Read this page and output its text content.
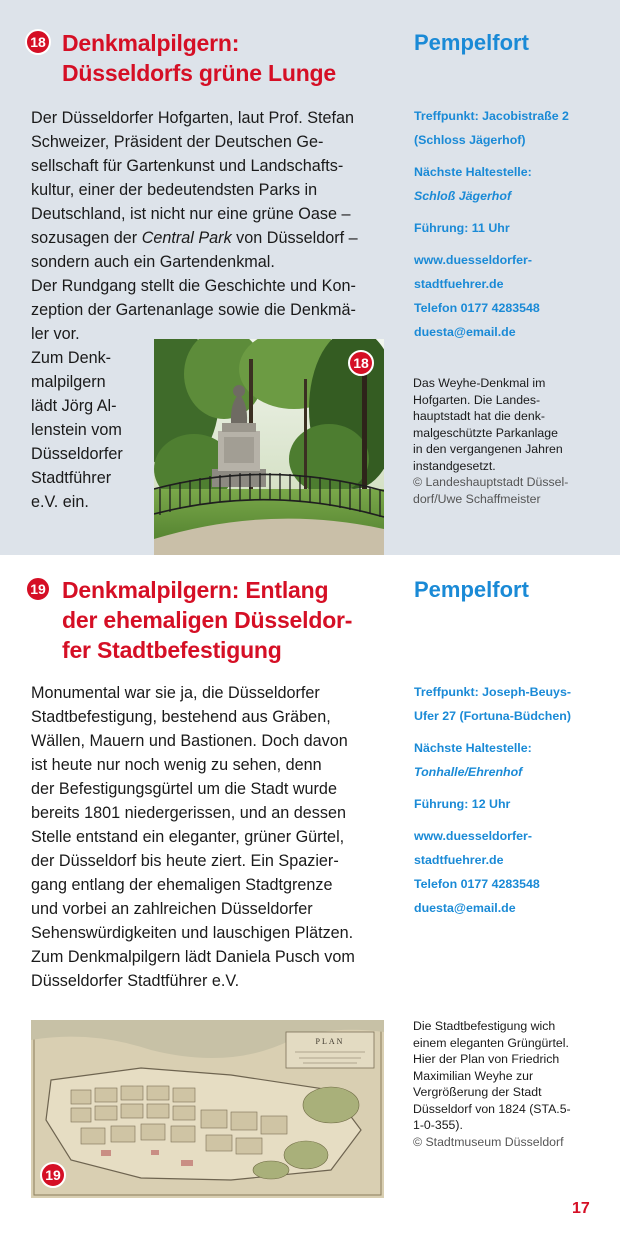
18 Denkmalpilgern:
Düsseldorfs grüne Lunge
Pempelfort
Der Düsseldorfer Hofgarten, laut Prof. Stefan
Schweizer, Präsident der Deutschen Ge-
sellschaft für Gartenkunst und Landschafts-
kultur, einer der bedeutendsten Parks in
Deutschland, ist nicht nur eine grüne Oase –
sozusagen der Central Park von Düsseldorf –
sondern auch ein Gartendenkmal.
Der Rundgang stellt die Geschichte und Kon-
zeption der Gartenanlage sowie die Denkmä-
ler vor.
Zum Denk-
malpilgern
lädt Jörg Al-
lenstein vom
Düsseldorfer
Stadtführer
e.V. ein.
18
Treffpunkt: Jacobistraße 2
(Schloss Jägerhof)
Nächste Haltestelle:
Schloß Jägerhof
Führung: 11 Uhr
www.duesseldorfer-
stadtfuehrer.de
Telefon 0177 4283548
duesta@email.de
Das Weyhe-Denkmal im
Hofgarten. Die Landes-
hauptstadt hat die denk-
malgeschützte Parkanlage
in den vergangenen Jahren
instandgesetzt.
© Landeshauptstadt Düssel-
dorf/Uwe Schaffmeister
19 Denkmalpilgern: Entlang
der ehemaligen Düsseldor-
fer Stadtbefestigung
Pempelfort
Monumental war sie ja, die Düsseldorfer
Stadtbefestigung, bestehend aus Gräben,
Wällen, Mauern und Bastionen. Doch davon
ist heute nur noch wenig zu sehen, denn
der Befestigungsgürtel um die Stadt wurde
bereits 1801 niedergerissen, und an dessen
Stelle entstand ein eleganter, grüner Gürtel,
der Düsseldorf bis heute ziert. Ein Spazier-
gang entlang der ehemaligen Stadtgrenze
und vorbei an zahlreichen Düsseldorfer
Sehenswürdigkeiten und lauschigen Plätzen.
Zum Denkmalpilgern lädt Daniela Pusch vom
Düsseldorfer Stadtführer e.V.
Treffpunkt: Joseph-Beuys-
Ufer 27 (Fortuna-Büdchen)
Nächste Haltestelle:
Tonhalle/Ehrenhof
Führung: 12 Uhr
www.duesseldorfer-
stadtfuehrer.de
Telefon 0177 4283548
duesta@email.de
PLAN
19
Die Stadtbefestigung wich
einem eleganten Grüngürtel.
Hier der Plan von Friedrich
Maximilian Weyhe zur
Vergrößerung der Stadt
Düsseldorf von 1824 (STA.5-
1-0-355).
© Stadtmuseum Düsseldorf
17
